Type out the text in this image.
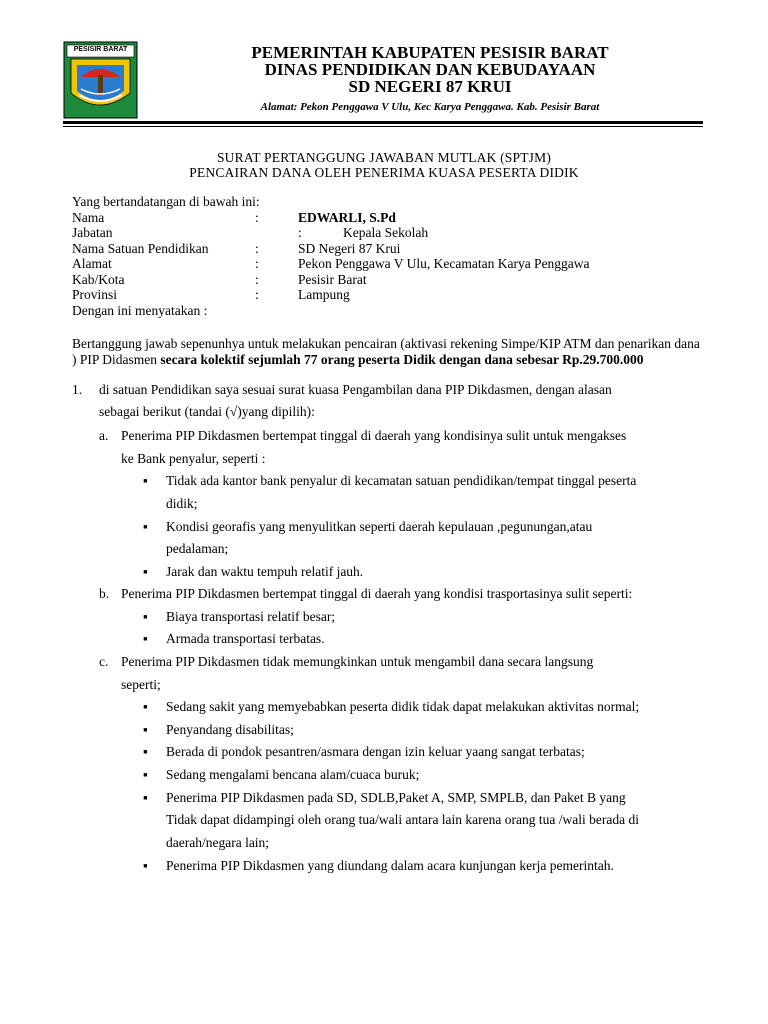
PESISIR BARAT	PEMERINTAH KABUPATEN PESISIR BARAT
DINAS PENDIDIKAN DAN KEBUDAYAAN
SD NEGERI 87 KRUI
Alamat: Pekon Penggawa V Ulu, Kec Karya Penggawa. Kab. Pesisir Barat
SURAT PERTANGGUNG JAWABAN MUTLAK (SPTJM)
PENCAIRAN DANA OLEH PENERIMA KUASA PESERTA DIDIK
Yang bertandatangan di bawah ini:
Nama	:	EDWARLI, S.Pd
Jabatan	:	Kepala Sekolah
Nama Satuan Pendidikan	:	SD Negeri 87 Krui
Alamat	:	Pekon Penggawa V Ulu, Kecamatan Karya Penggawa
Kab/Kota	:	Pesisir Barat
Provinsi	:	Lampung
Dengan ini menyatakan :
Bertanggung jawab sepenunhya untuk melakukan pencairan (aktivasi rekening Simpe/KIP ATM dan penarikan dana ) PIP Didasmen secara kolektif sejumlah 77 orang peserta Didik dengan dana sebesar Rp.29.700.000
1. di satuan Pendidikan saya sesuai surat kuasa Pengambilan dana PIP Dikdasmen, dengan alasan
sebagai berikut (tandai (√)yang dipilih):
a. Penerima PIP Dikdasmen bertempat tinggal di daerah yang kondisinya sulit untuk mengakses
ke Bank penyalur, seperti :
▪ Tidak ada kantor bank penyalur di kecamatan satuan pendidikan/tempat tinggal peserta
didik;
▪ Kondisi georafis yang menyulitkan seperti daerah kepulauan ,pegunungan,atau
pedalaman;
▪ Jarak dan waktu tempuh relatif jauh.
b. Penerima PIP Dikdasmen bertempat tinggal di daerah yang kondisi trasportasinya sulit seperti:
▪ Biaya transportasi relatif besar;
▪ Armada transportasi terbatas.
c. Penerima PIP Dikdasmen tidak memungkinkan untuk mengambil dana secara langsung
seperti;
▪ Sedang sakit yang memyebabkan peserta didik tidak dapat melakukan aktivitas normal;
▪ Penyandang disabilitas;
▪ Berada di pondok pesantren/asmara dengan izin keluar yaang sangat terbatas;
▪ Sedang mengalami bencana alam/cuaca buruk;
▪ Penerima PIP Dikdasmen pada SD, SDLB,Paket A, SMP, SMPLB, dan Paket B yang
Tidak dapat didampingi oleh orang tua/wali antara lain karena orang tua /wali berada di
daerah/negara lain;
▪ Penerima PIP Dikdasmen yang diundang dalam acara kunjungan kerja pemerintah.
